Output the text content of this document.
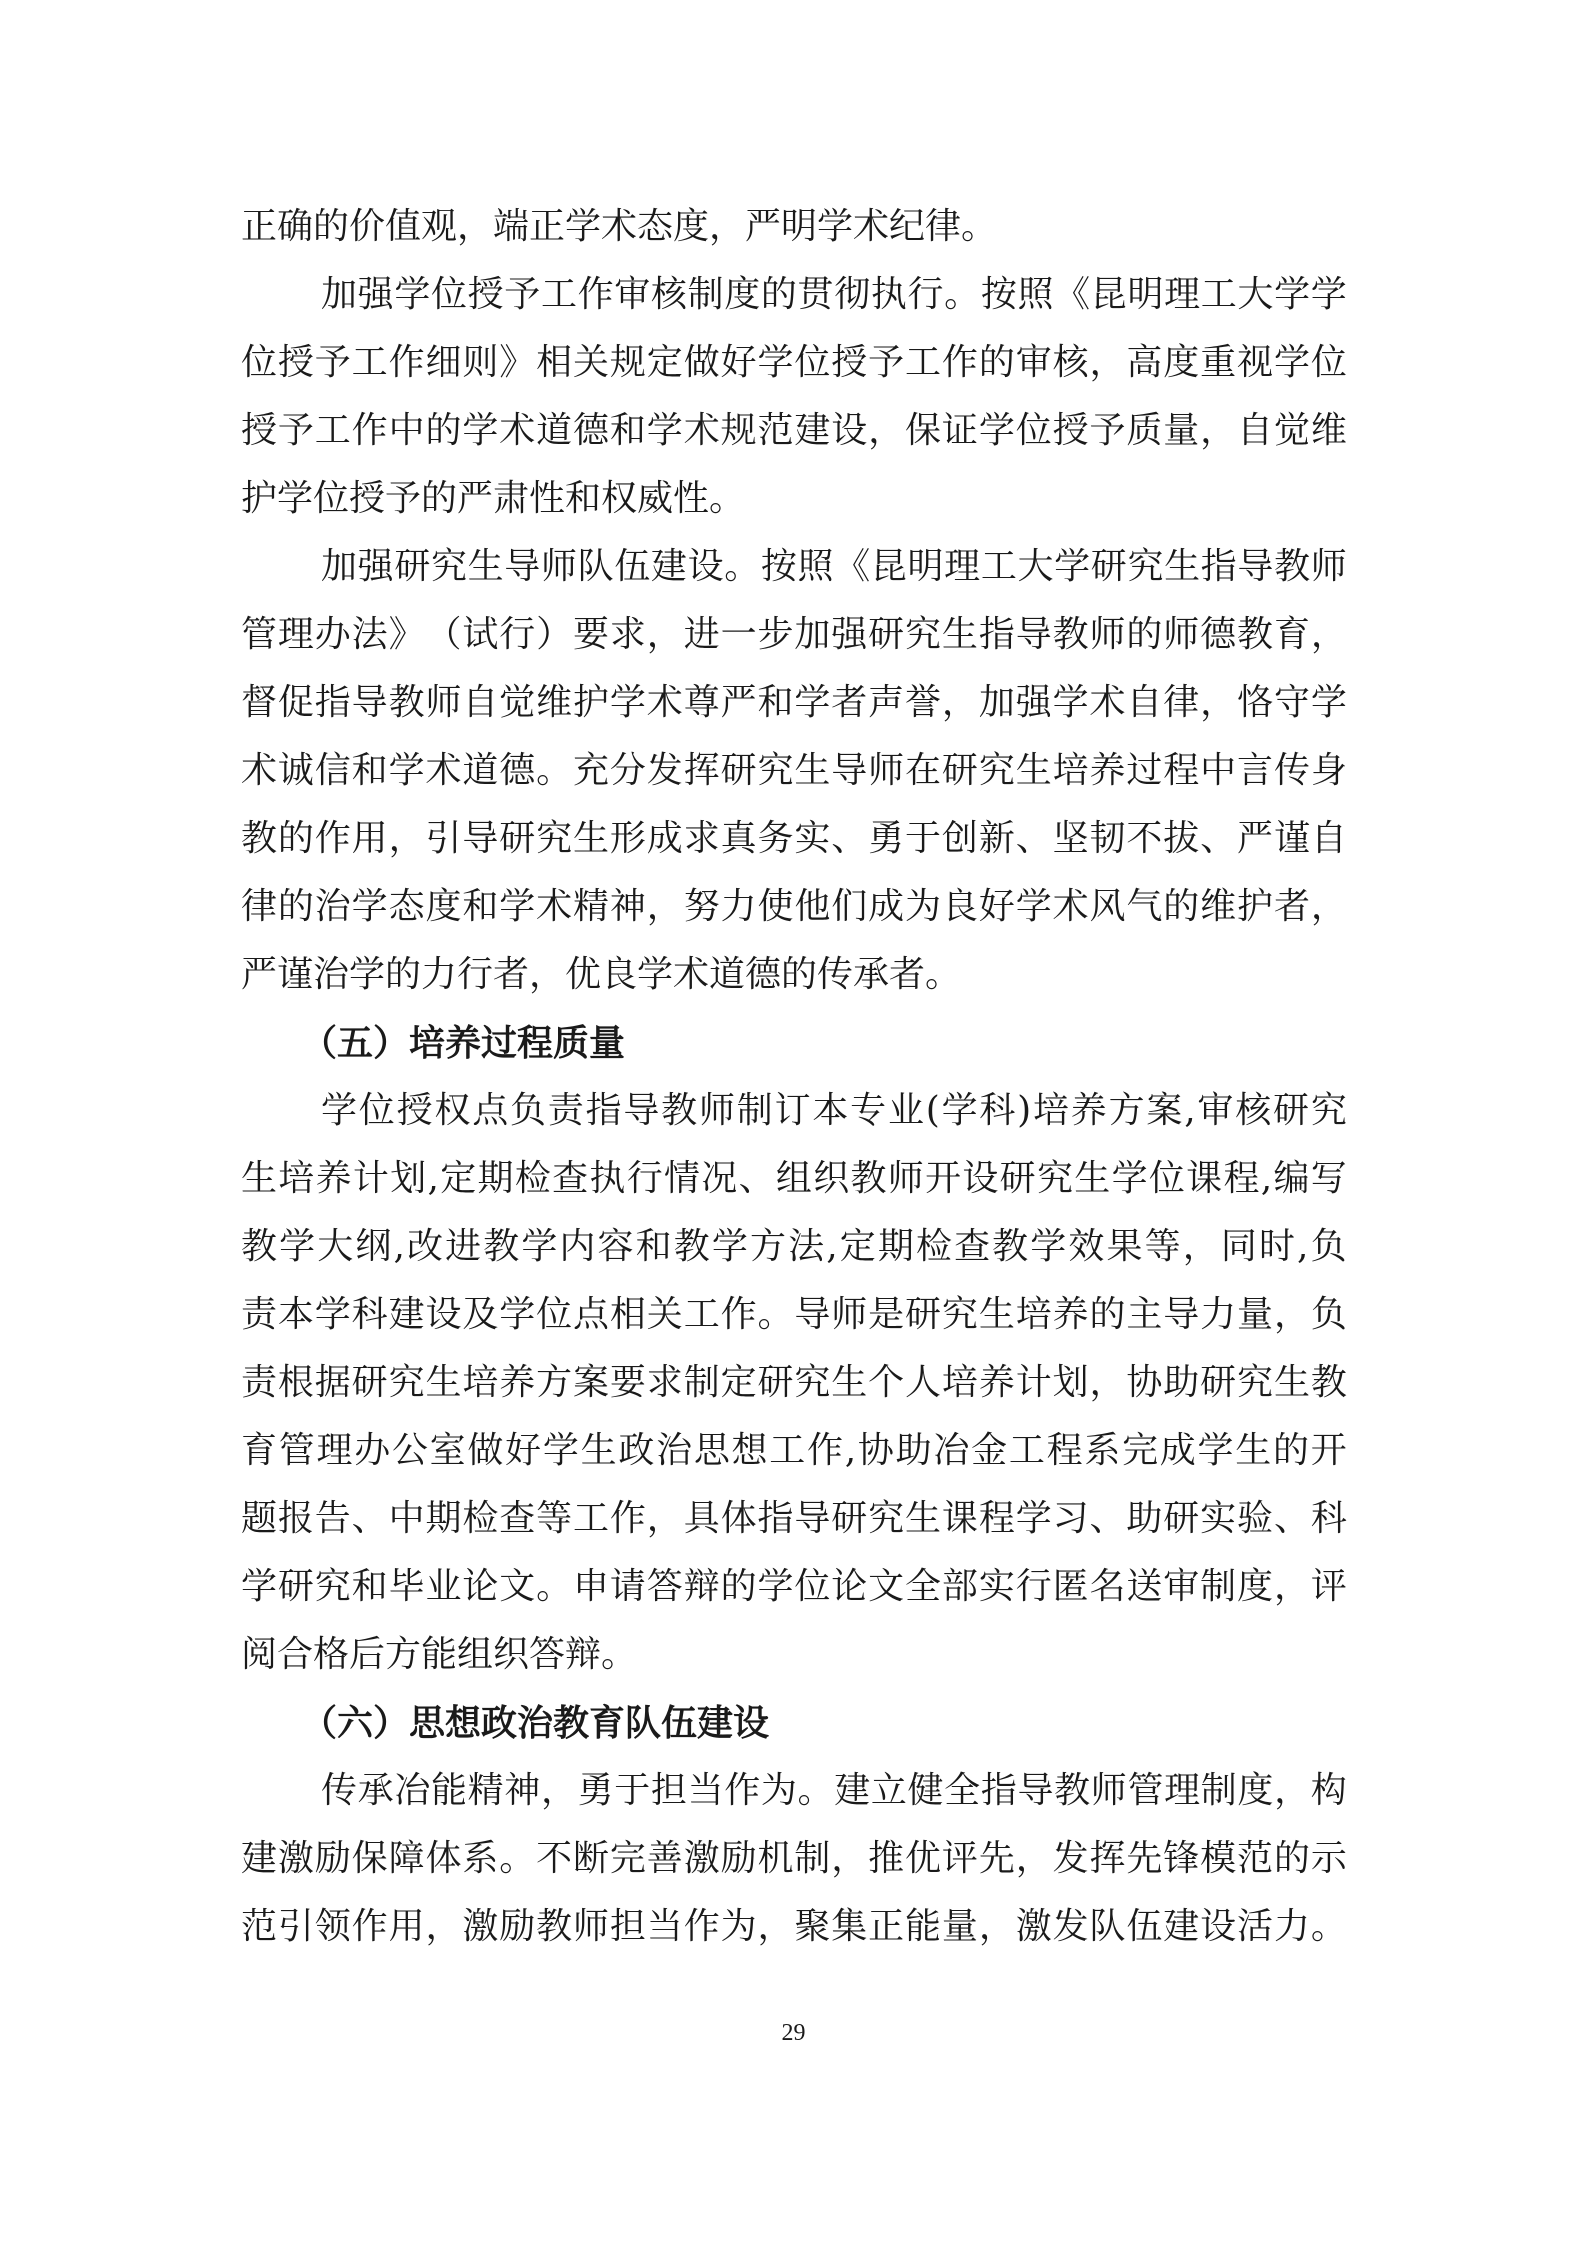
正确的价值观，端正学术态度，严明学术纪律。
加 强 学 位 授 予 工 作 审 核 制 度 的 贯 彻 执 行 。 按 照 《 昆 明 理 工 大 学 学
位 授 予 工 作 细 则 》 相 关 规 定 做 好 学 位 授 予 工 作 的 审 核 ， 高 度 重 视 学 位
授 予 工 作 中 的 学 术 道 德 和 学 术 规 范 建 设 ， 保 证 学 位 授 予 质 量 ， 自 觉 维
护学位授予的严肃性和权威性。
加 强 研 究 生 导 师 队 伍 建 设 。 按 照 《 昆 明 理 工 大 学 研 究 生 指 导 教 师
管 理 办 法 》 （ 试 行 ） 要 求 ， 进 一 步 加 强 研 究 生 指 导 教 师 的 师 德 教 育 ，
督 促 指 导 教 师 自 觉 维 护 学 术 尊 严 和 学 者 声 誉 ， 加 强 学 术 自 律 ， 恪 守 学
术 诚 信 和 学 术 道 德 。 充 分 发 挥 研 究 生 导 师 在 研 究 生 培 养 过 程 中 言 传 身
教 的 作 用 ， 引 导 研 究 生 形 成 求 真 务 实 、 勇 于 创 新 、 坚 韧 不 拔 、 严 谨 自
律 的 治 学 态 度 和 学 术 精 神 ， 努 力 使 他 们 成 为 良 好 学 术 风 气 的 维 护 者 ，
严谨治学的力行者，优良学术道德的传承者。
（五）培养过程质量
学 位 授 权 点 负 责 指 导 教 师 制 订 本 专 业 ( 学 科 ) 培 养 方 案 , 审 核 研 究
生 培 养 计 划 , 定 期 检 查 执 行 情 况 、 组 织 教 师 开 设 研 究 生 学 位 课 程 , 编 写
教 学 大 纲 , 改 进 教 学 内 容 和 教 学 方 法 , 定 期 检 查 教 学 效 果 等 ， 同 时 , 负
责 本 学 科 建 设 及 学 位 点 相 关 工 作 。 导 师 是 研 究 生 培 养 的 主 导 力 量 ， 负
责 根 据 研 究 生 培 养 方 案 要 求 制 定 研 究 生 个 人 培 养 计 划 ， 协 助 研 究 生 教
育 管 理 办 公 室 做 好 学 生 政 治 思 想 工 作 , 协 助 冶 金 工 程 系 完 成 学 生 的 开
题 报 告 、 中 期 检 查 等 工 作 ， 具 体 指 导 研 究 生 课 程 学 习 、 助 研 实 验 、 科
学 研 究 和 毕 业 论 文 。 申 请 答 辩 的 学 位 论 文 全 部 实 行 匿 名 送 审 制 度 ， 评
阅合格后方能组织答辩。
（六）思想政治教育队伍建设
传 承 冶 能 精 神 ， 勇 于 担 当 作 为 。 建 立 健 全 指 导 教 师 管 理 制 度 ， 构
建 激 励 保 障 体 系 。 不 断 完 善 激 励 机 制 ， 推 优 评 先 ， 发 挥 先 锋 模 范 的 示
范 引 领 作 用 ， 激 励 教 师 担 当 作 为 ， 聚 集 正 能 量 ， 激 发 队 伍 建 设 活 力 。
29
